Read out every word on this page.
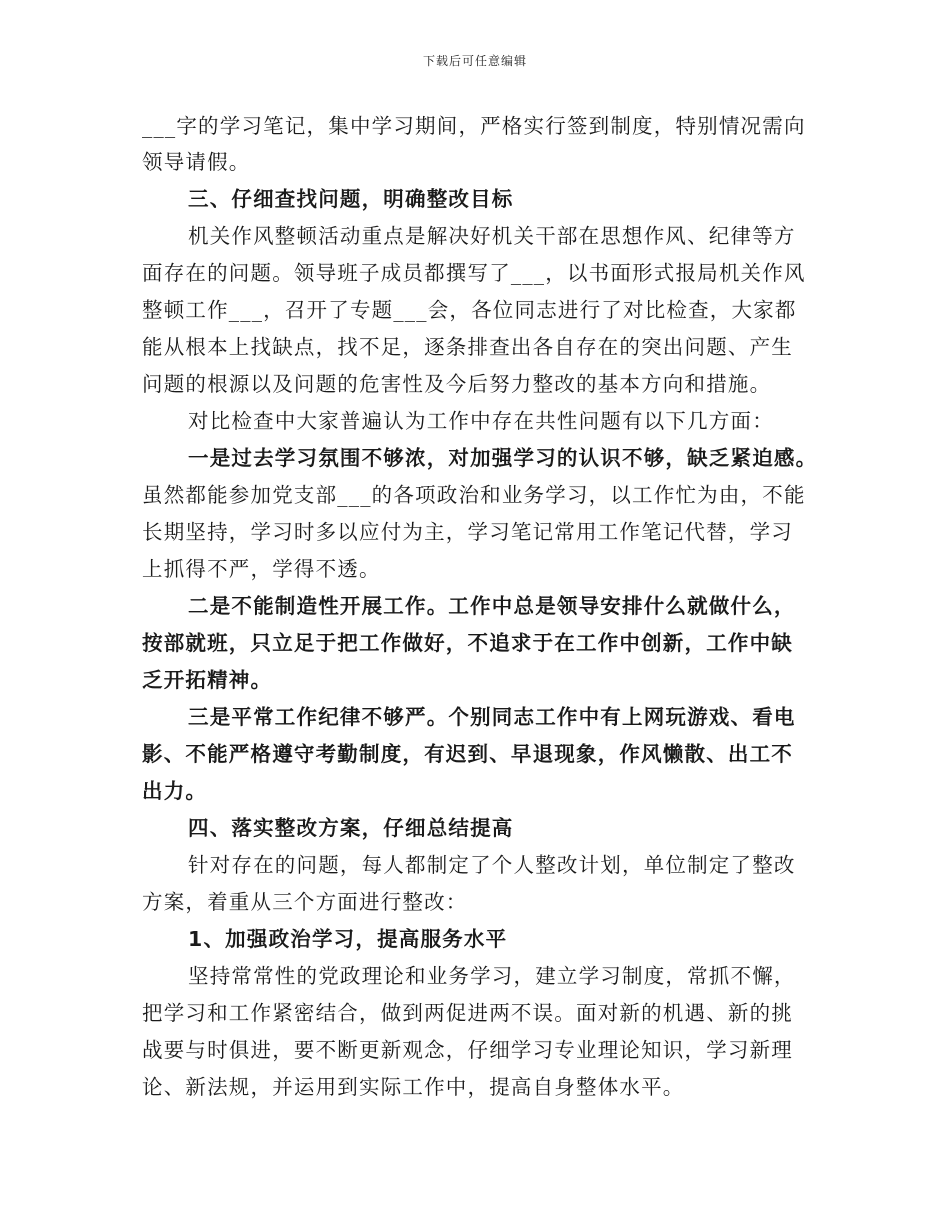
下载后可任意编辑
___字的学习笔记，集中学习期间，严格实行签到制度，特别情况需向
领导请假。
三、仔细查找问题，明确整改目标
机关作风整顿活动重点是解决好机关干部在思想作风、纪律等方
面存在的问题。领导班子成员都撰写了___，以书面形式报局机关作风
整顿工作___，召开了专题___会，各位同志进行了对比检查，大家都
能从根本上找缺点，找不足，逐条排查出各自存在的突出问题、产生
问题的根源以及问题的危害性及今后努力整改的基本方向和措施。
对比检查中大家普遍认为工作中存在共性问题有以下几方面：
一是过去学习氛围不够浓，对加强学习的认识不够，缺乏紧迫感。
虽然都能参加党支部___的各项政治和业务学习，以工作忙为由，不能
长期坚持，学习时多以应付为主，学习笔记常用工作笔记代替，学习
上抓得不严，学得不透。
二是不能制造性开展工作。工作中总是领导安排什么就做什么，
按部就班，只立足于把工作做好，不追求于在工作中创新，工作中缺
乏开拓精神。
三是平常工作纪律不够严。个别同志工作中有上网玩游戏、看电
影、不能严格遵守考勤制度，有迟到、早退现象，作风懒散、出工不
出力。
四、落实整改方案，仔细总结提高
针对存在的问题，每人都制定了个人整改计划，单位制定了整改
方案，着重从三个方面进行整改：
1、加强政治学习，提高服务水平
坚持常常性的党政理论和业务学习，建立学习制度，常抓不懈，
把学习和工作紧密结合，做到两促进两不误。面对新的机遇、新的挑
战要与时俱进，要不断更新观念，仔细学习专业理论知识，学习新理
论、新法规，并运用到实际工作中，提高自身整体水平。
